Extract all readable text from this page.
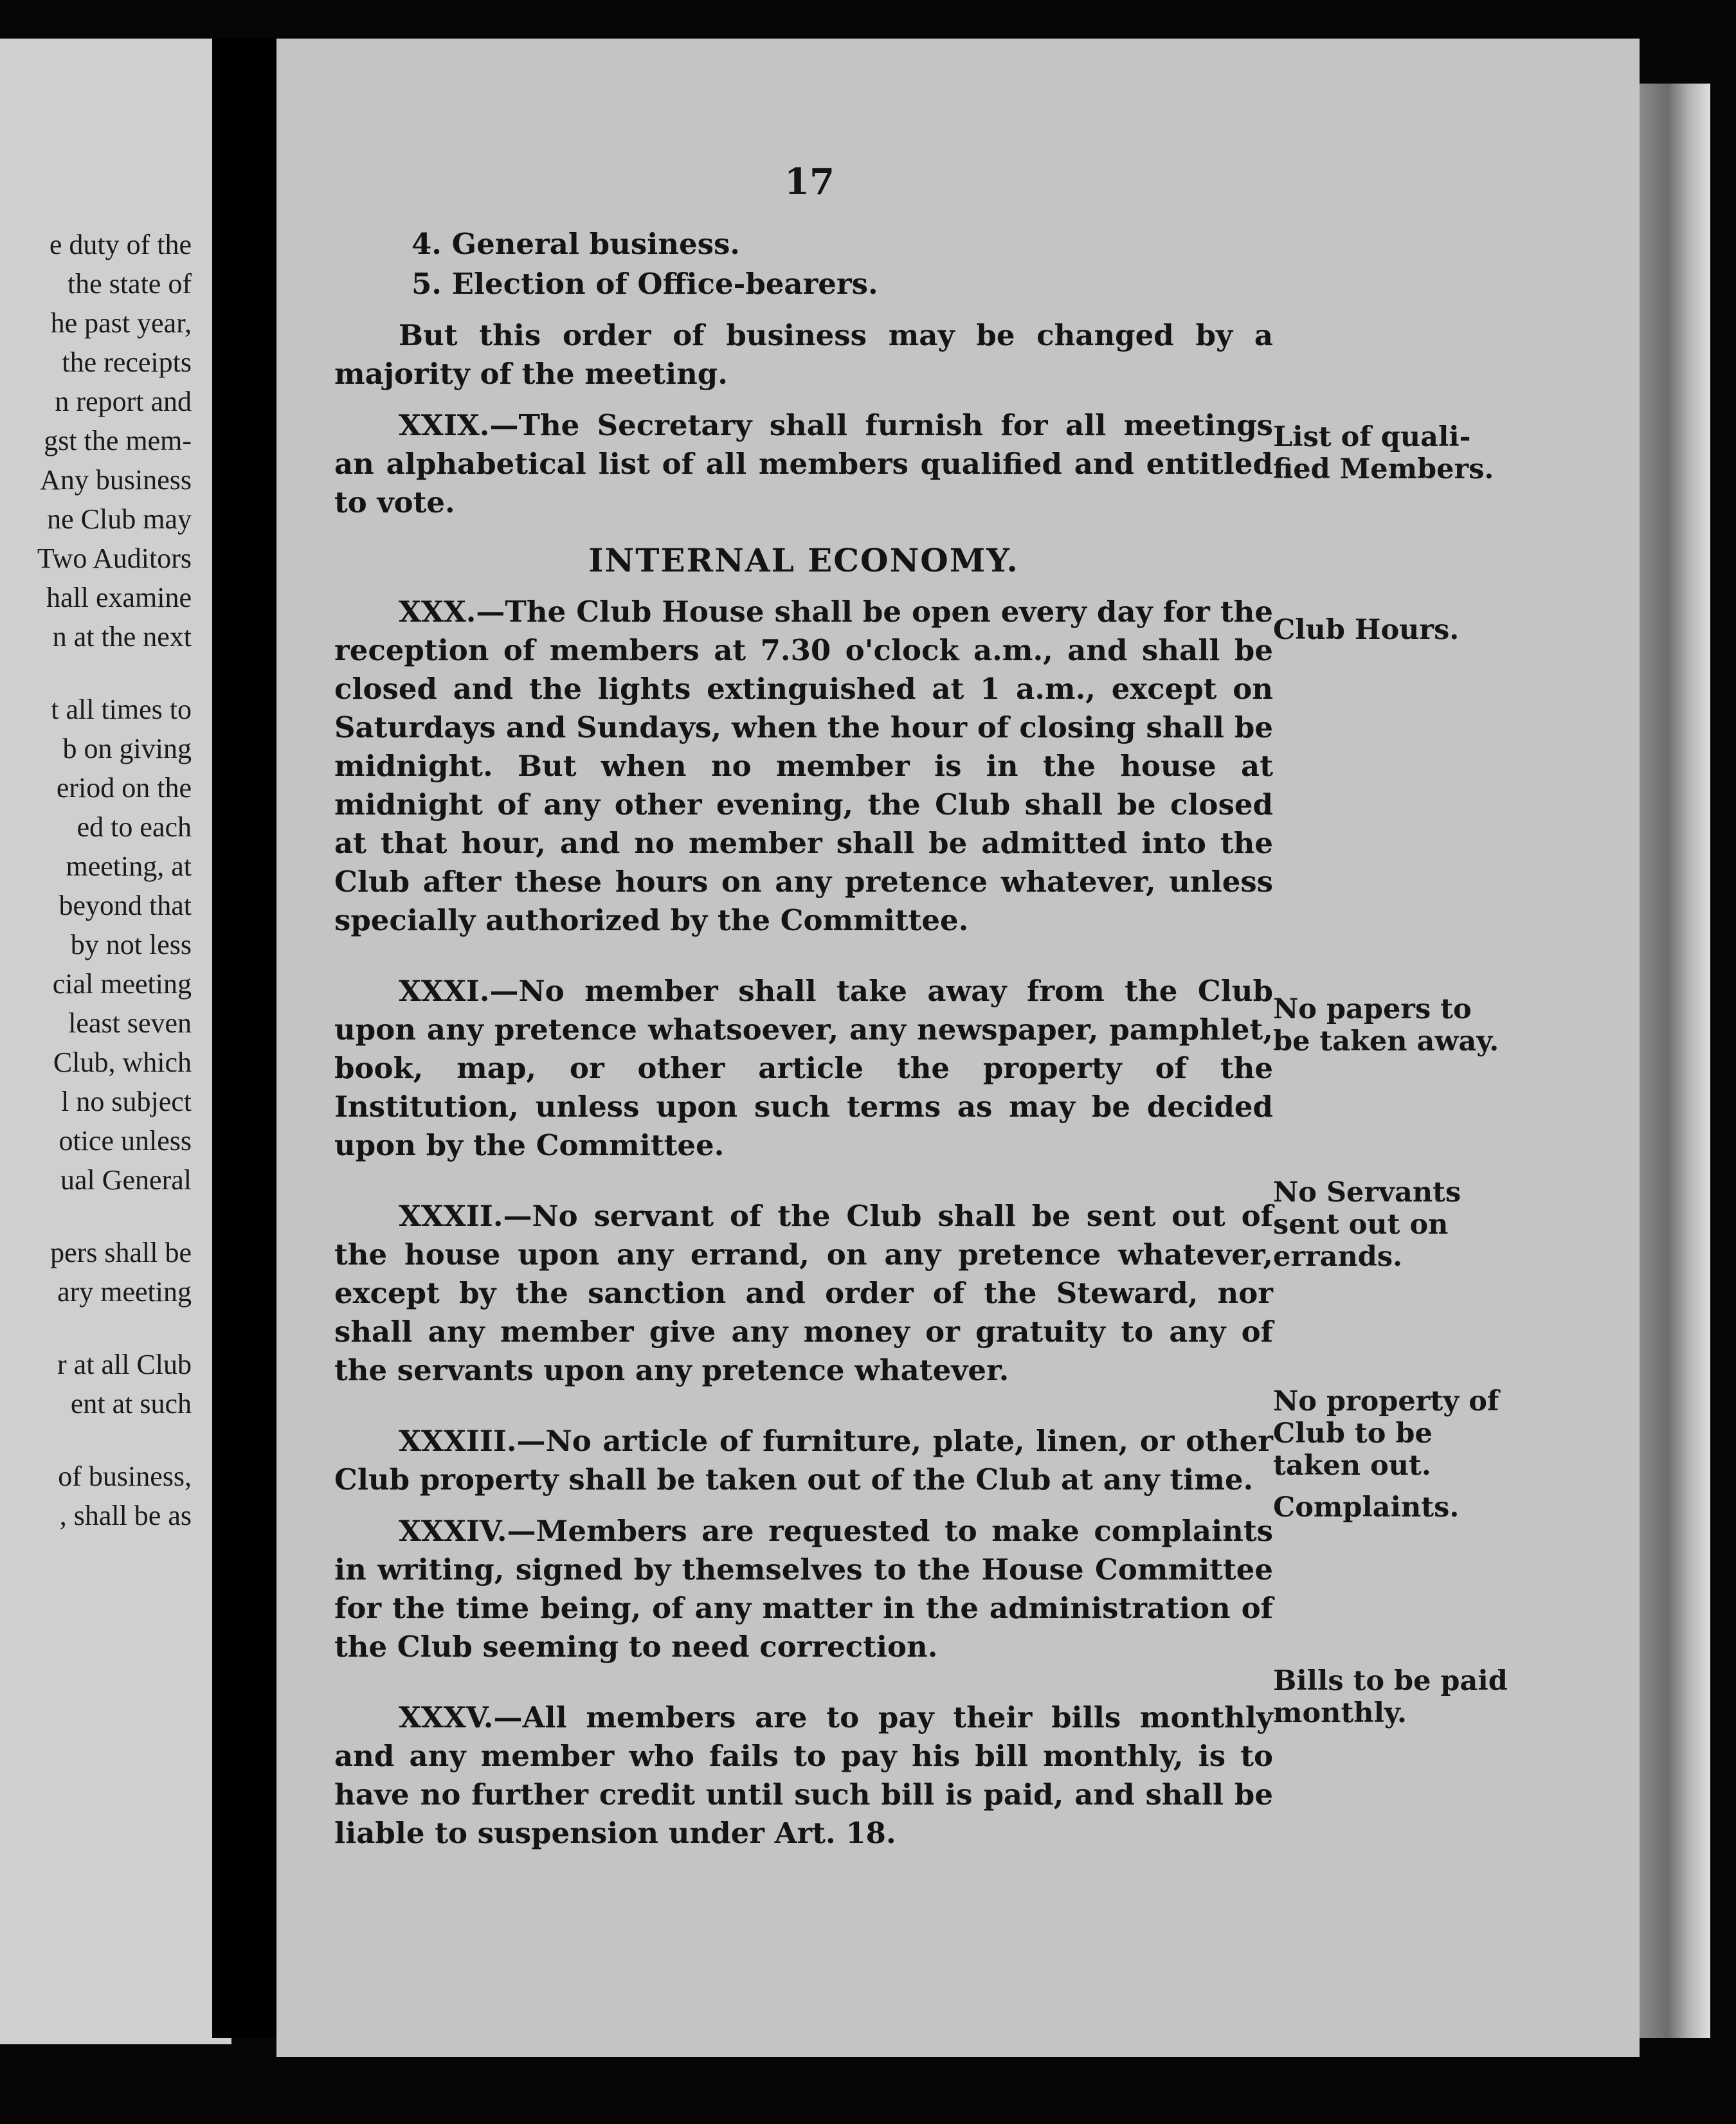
e duty of the
the state of
he past year,
the receipts
n report and
gst the mem-
Any business
ne Club may
Two Auditors
hall examine
n at the next
t all times to
b on giving
eriod on the
ed to each
meeting, at
beyond that
by not less
cial meeting
least seven
Club, which
l no subject
otice unless
ual General
pers shall be
ary meeting
r at all Club
ent at such
of business,
, shall be as
17

4. General business.

5. Election of Office-bearers.

But this order of business may be changed by a majority of the meeting.

XXIX.—The Secretary shall furnish for all meetings an alphabetical list of all members qualified and entitled to vote.

INTERNAL ECONOMY.

XXX.—The Club House shall be open every day for the reception of members at 7.30 o'clock a.m., and shall be closed and the lights extinguished at 1 a.m., except on Saturdays and Sundays, when the hour of closing shall be midnight. But when no member is in the house at midnight of any other evening, the Club shall be closed at that hour, and no member shall be admitted into the Club after these hours on any pretence whatever, unless specially authorized by the Committee.

XXXI.—No member shall take away from the Club upon any pretence whatsoever, any newspaper, pamphlet, book, map, or other article the property of the Institution, unless upon such terms as may be decided upon by the Committee.

XXXII.—No servant of the Club shall be sent out of the house upon any errand, on any pretence whatever, except by the sanction and order of the Steward, nor shall any member give any money or gratuity to any of the servants upon any pretence whatever.

XXXIII.—No article of furniture, plate, linen, or other Club property shall be taken out of the Club at any time.

XXXIV.—Members are requested to make complaints in writing, signed by themselves to the House Committee for the time being, of any matter in the administration of the Club seeming to need correction.

XXXV.—All members are to pay their bills monthly and any member who fails to pay his bill monthly, is to have no further credit until such bill is paid, and shall be liable to suspension under Art. 18.

List of quali-fied Members.
Club Hours.
No papers to be taken away.
No Servants sent out on errands.
No property of Club to be taken out.
Complaints.
Bills to be paid monthly.
